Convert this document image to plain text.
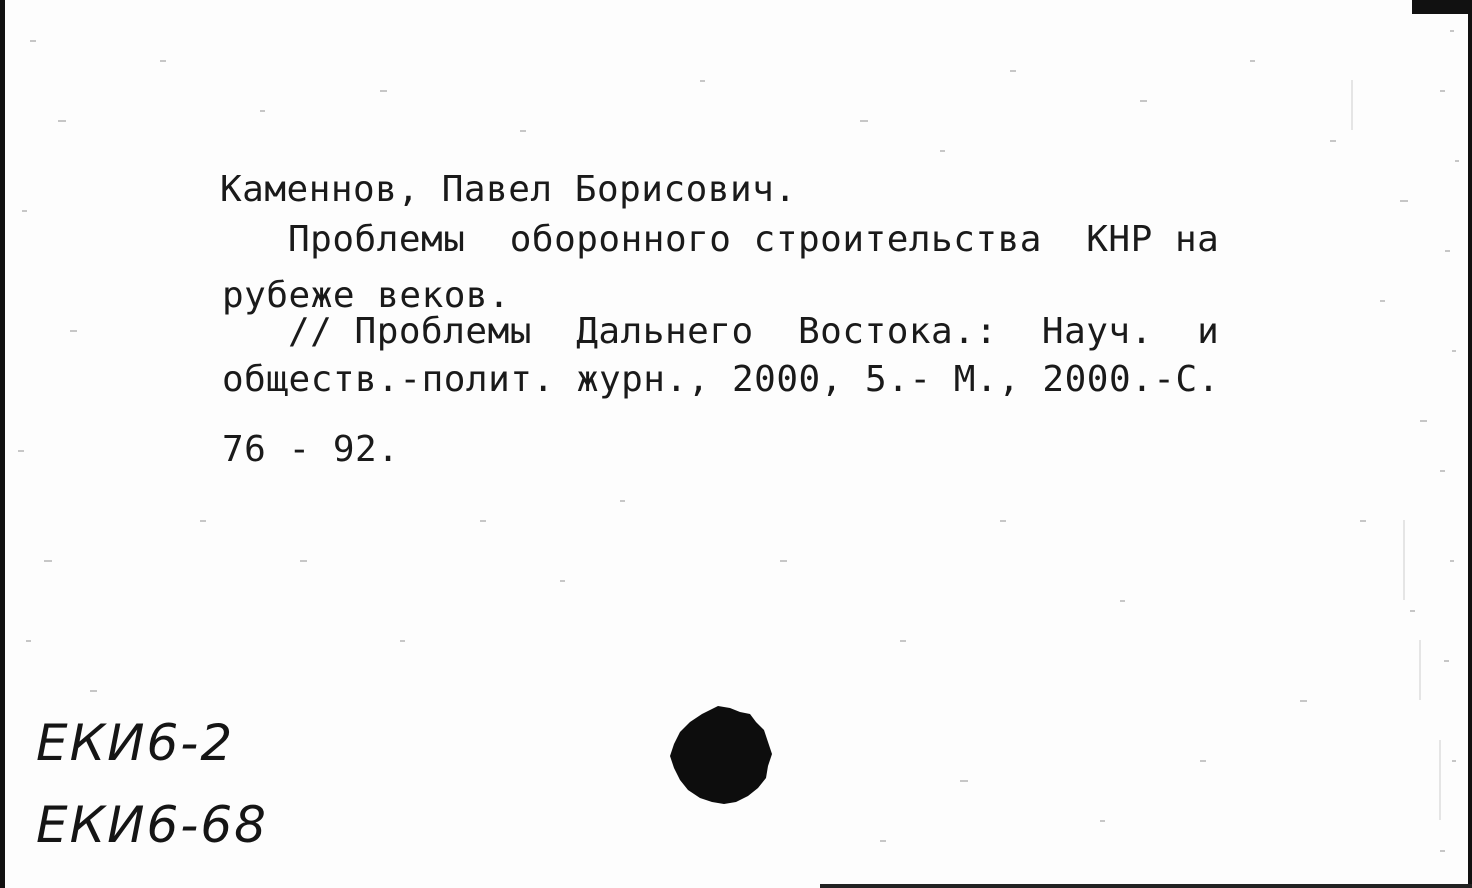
Каменнов, Павел Борисович.
Проблемы  оборонного строительства  КНР на
рубеже веков.
// Проблемы  Дальнего  Востока.:  Науч.  и
обществ.-полит. журн., 2000, 5.- М., 2000.-С.
76 - 92.
ЕКИ6-2
ЕКИ6-68
